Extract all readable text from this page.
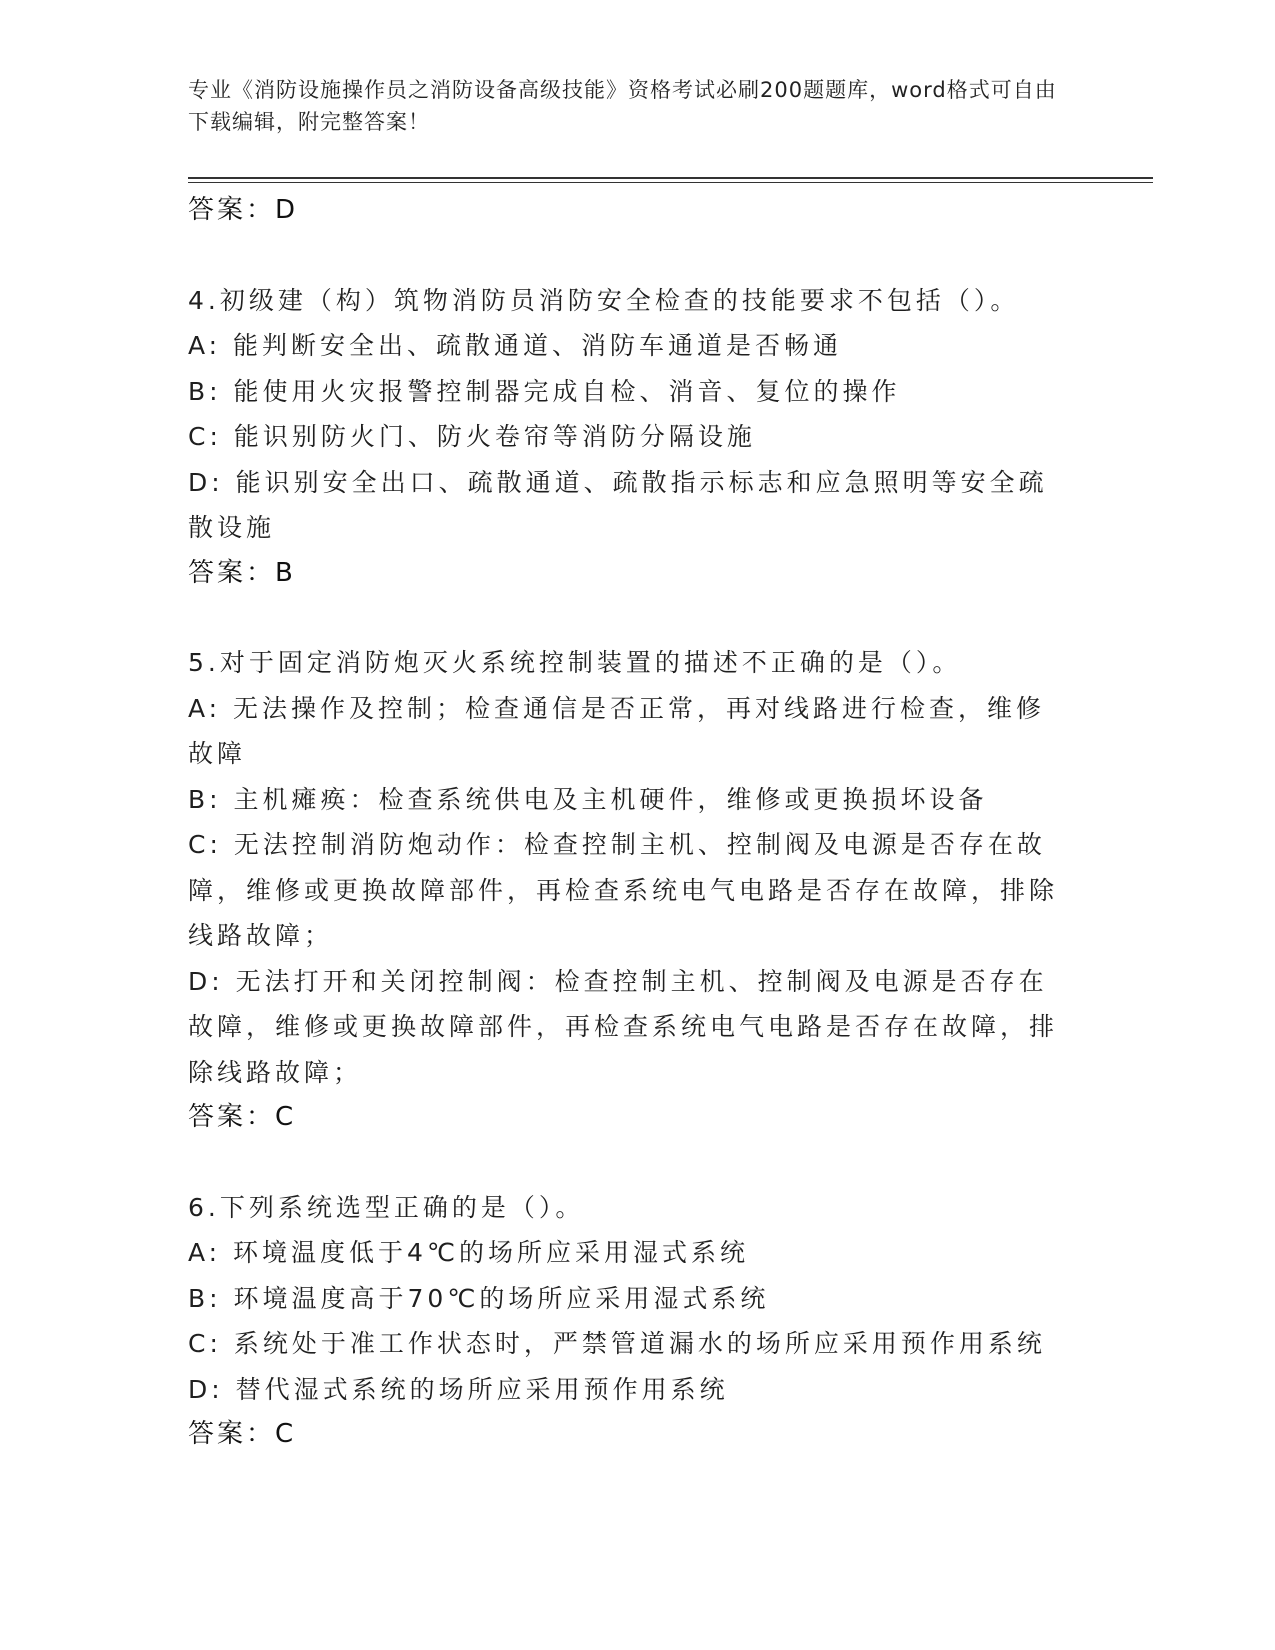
专业《消防设施操作员之消防设备高级技能》资格考试必刷200题题库，word格式可自由下载编辑，附完整答案！
答案：D
4.初级建（构）筑物消防员消防安全检查的技能要求不包括（）。
A: 能判断安全出、疏散通道、消防车通道是否畅通
B: 能使用火灾报警控制器完成自检、消音、复位的操作
C: 能识别防火门、防火卷帘等消防分隔设施
D: 能识别安全出口、疏散通道、疏散指示标志和应急照明等安全疏散设施
答案：B
5.对于固定消防炮灭火系统控制装置的描述不正确的是（）。
A: 无法操作及控制；检查通信是否正常，再对线路进行检查，维修故障
B: 主机瘫痪：检查系统供电及主机硬件，维修或更换损坏设备
C: 无法控制消防炮动作：检查控制主机、控制阀及电源是否存在故障，维修或更换故障部件，再检查系统电气电路是否存在故障，排除线路故障；
D: 无法打开和关闭控制阀：检查控制主机、控制阀及电源是否存在故障，维修或更换故障部件，再检查系统电气电路是否存在故障，排除线路故障；
答案：C
6.下列系统选型正确的是（）。
A: 环境温度低于4℃的场所应采用湿式系统
B: 环境温度高于70℃的场所应采用湿式系统
C: 系统处于准工作状态时，严禁管道漏水的场所应采用预作用系统
D: 替代湿式系统的场所应采用预作用系统
答案：C
